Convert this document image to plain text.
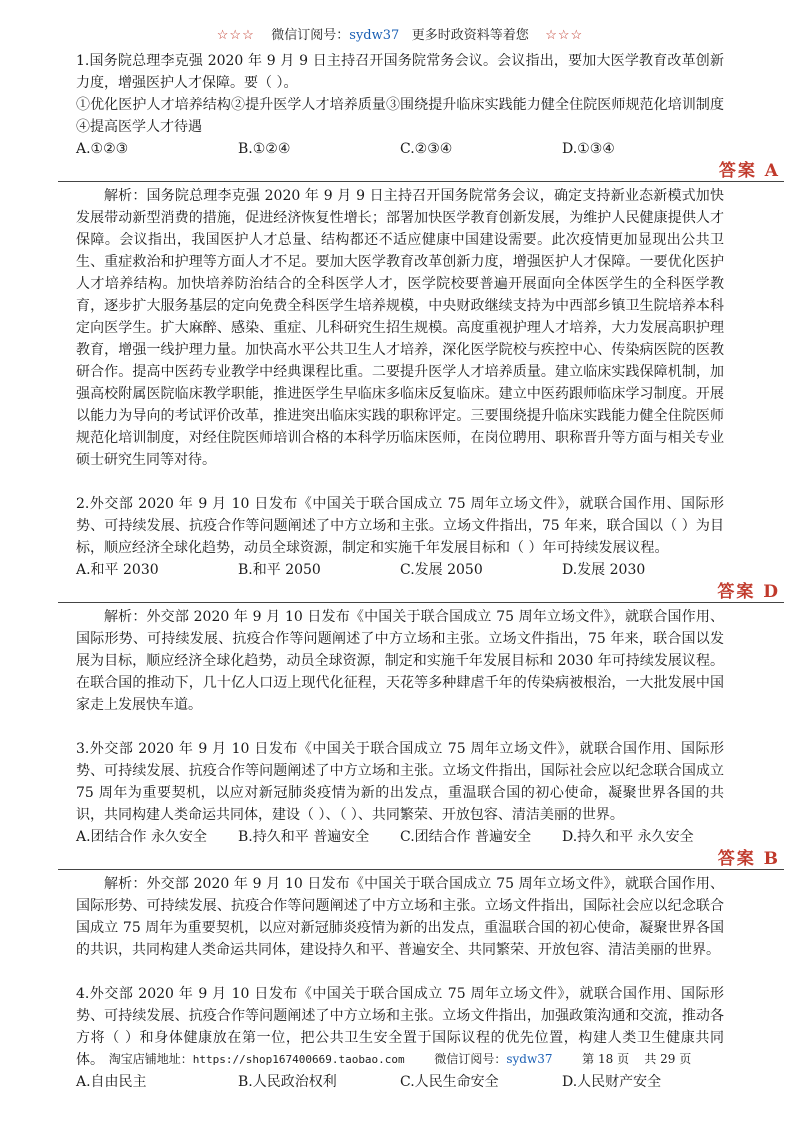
☆☆☆ 微信订阅号：sydw37 更多时政资料等着您 ☆☆☆

1.国务院总理李克强 2020 年 9 月 9 日主持召开国务院常务会议。会议指出，要加大医学教育改革创新力度，增强医护人才保障。要（ ）。

①优化医护人才培养结构②提升医学人才培养质量③围绕提升临床实践能力健全住院医师规范化培训制度④提高医学人才待遇

A.①②③	B.①②④	C.②③④	D.①③④
答案 A

解析：国务院总理李克强 2020 年 9 月 9 日主持召开国务院常务会议，确定支持新业态新模式加快发展带动新型消费的措施，促进经济恢复性增长；部署加快医学教育创新发展，为维护人民健康提供人才保障。会议指出，我国医护人才总量、结构都还不适应健康中国建设需要。此次疫情更加显现出公共卫生、重症救治和护理等方面人才不足。要加大医学教育改革创新力度，增强医护人才保障。一要优化医护人才培养结构。加快培养防治结合的全科医学人才，医学院校要普遍开展面向全体医学生的全科医学教育，逐步扩大服务基层的定向免费全科医学生培养规模，中央财政继续支持为中西部乡镇卫生院培养本科定向医学生。扩大麻醉、感染、重症、儿科研究生招生规模。高度重视护理人才培养，大力发展高职护理教育，增强一线护理力量。加快高水平公共卫生人才培养，深化医学院校与疾控中心、传染病医院的医教研合作。提高中医药专业教学中经典课程比重。二要提升医学人才培养质量。建立临床实践保障机制，加强高校附属医院临床教学职能，推进医学生早临床多临床反复临床。建立中医药跟师临床学习制度。开展以能力为导向的考试评价改革，推进突出临床实践的职称评定。三要围绕提升临床实践能力健全住院医师规范化培训制度，对经住院医师培训合格的本科学历临床医师，在岗位聘用、职称晋升等方面与相关专业硕士研究生同等对待。

2.外交部 2020 年 9 月 10 日发布《中国关于联合国成立 75 周年立场文件》，就联合国作用、国际形势、可持续发展、抗疫合作等问题阐述了中方立场和主张。立场文件指出，75 年来，联合国以（ ）为目标，顺应经济全球化趋势，动员全球资源，制定和实施千年发展目标和（ ）年可持续发展议程。

A.和平 2030	B.和平 2050	C.发展 2050	D.发展 2030
答案 D

解析：外交部 2020 年 9 月 10 日发布《中国关于联合国成立 75 周年立场文件》，就联合国作用、国际形势、可持续发展、抗疫合作等问题阐述了中方立场和主张。立场文件指出，75 年来，联合国以发展为目标，顺应经济全球化趋势，动员全球资源，制定和实施千年发展目标和 2030 年可持续发展议程。在联合国的推动下，几十亿人口迈上现代化征程，天花等多种肆虐千年的传染病被根治，一大批发展中国家走上发展快车道。

3.外交部 2020 年 9 月 10 日发布《中国关于联合国成立 75 周年立场文件》，就联合国作用、国际形势、可持续发展、抗疫合作等问题阐述了中方立场和主张。立场文件指出，国际社会应以纪念联合国成立 75 周年为重要契机，以应对新冠肺炎疫情为新的出发点，重温联合国的初心使命，凝聚世界各国的共识，共同构建人类命运共同体，建设（ ）、（ ）、共同繁荣、开放包容、清洁美丽的世界。

A.团结合作 永久安全	B.持久和平 普遍安全	C.团结合作 普遍安全	D.持久和平 永久安全
答案 B

解析：外交部 2020 年 9 月 10 日发布《中国关于联合国成立 75 周年立场文件》，就联合国作用、国际形势、可持续发展、抗疫合作等问题阐述了中方立场和主张。立场文件指出，国际社会应以纪念联合国成立 75 周年为重要契机，以应对新冠肺炎疫情为新的出发点，重温联合国的初心使命，凝聚世界各国的共识，共同构建人类命运共同体，建设持久和平、普遍安全、共同繁荣、开放包容、清洁美丽的世界。

4.外交部 2020 年 9 月 10 日发布《中国关于联合国成立 75 周年立场文件》，就联合国作用、国际形势、可持续发展、抗疫合作等问题阐述了中方立场和主张。立场文件指出，加强政策沟通和交流，推动各方将（ ）和身体健康放在第一位，把公共卫生安全置于国际议程的优先位置，构建人类卫生健康共同体。

A.自由民主	B.人民政治权利	C.人民生命安全	D.人民财产安全
淘宝店铺地址：https://shop167400669.taobao.com 微信订阅号：sydw37 第 18 页 共 29 页
